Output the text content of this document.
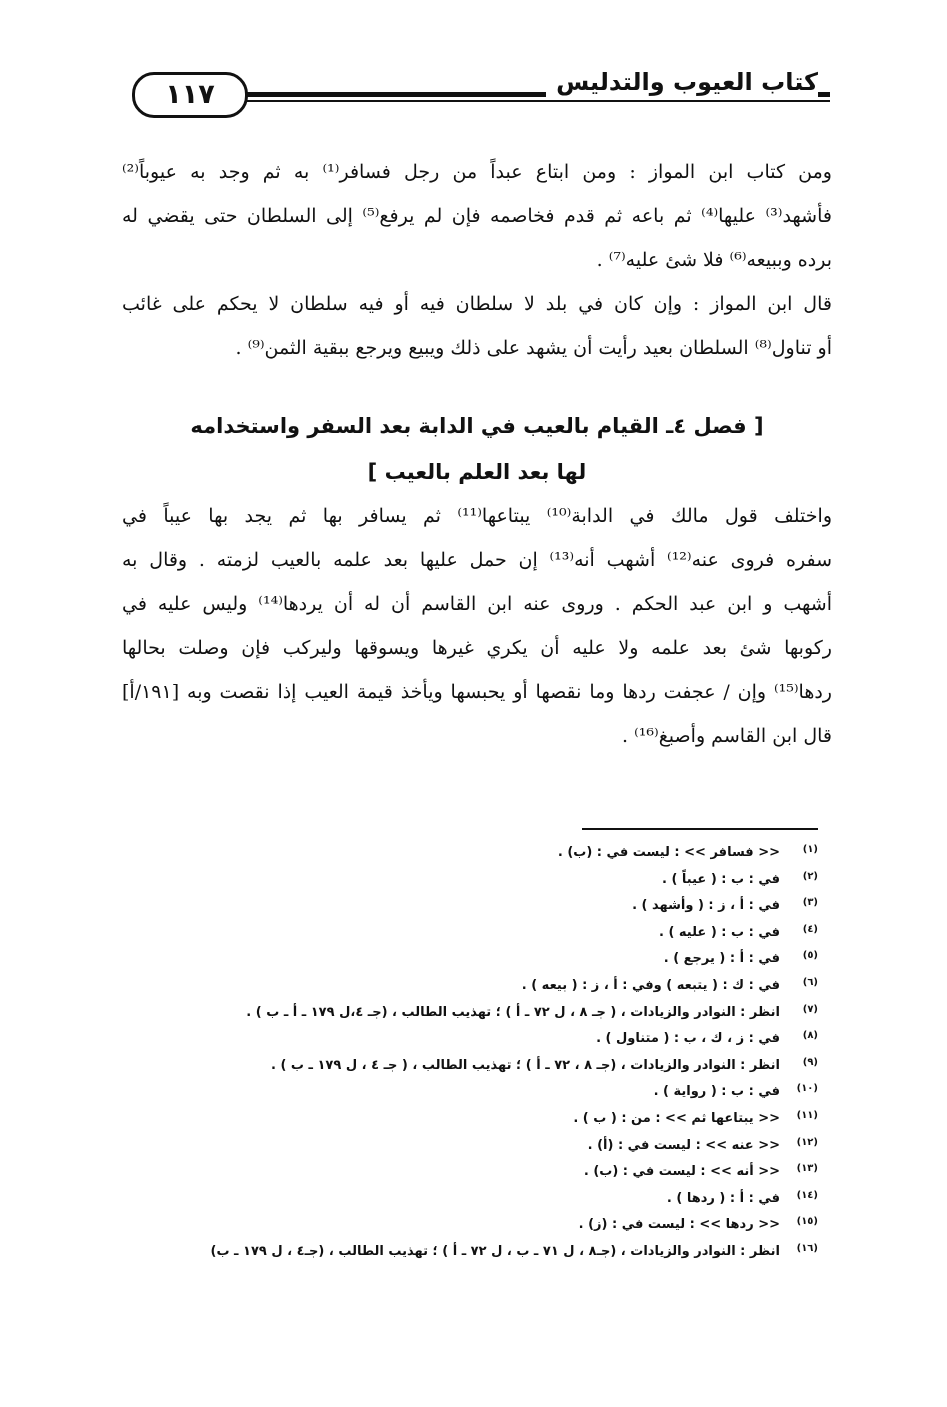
١١٧	كتاب العيوب والتدليس
ومن كتاب ابن المواز : ومن ابتاع عبداً من رجل فسافر⁽¹⁾ به ثم وجد به عيوباً⁽²⁾
فأشهد⁽³⁾ عليها⁽⁴⁾ ثم باعه ثم قدم فخاصمه فإن لم يرفع⁽⁵⁾ إلى السلطان حتى يقضي له
برده وببيعه⁽⁶⁾ فلا شئ عليه⁽⁷⁾ .
قال ابن المواز : وإن كان في بلد لا سلطان فيه أو فيه سلطان لا يحكم على غائب
أو تناول⁽⁸⁾ السلطان بعيد رأيت أن يشهد على ذلك ويبيع ويرجع ببقية الثمن⁽⁹⁾ .
[ فصل ٤ـ القيام بالعيب في الدابة بعد السفر واستخدامه
لها بعد العلم بالعيب ]
واختلف قول مالك في الدابة⁽¹⁰⁾ يبتاعها⁽¹¹⁾ ثم يسافر بها ثم يجد بها عيباً في
سفره فروى عنه⁽¹²⁾ أشهب أنه⁽¹³⁾ إن حمل عليها بعد علمه بالعيب لزمته . وقال به
أشهب و ابن عبد الحكم . وروى عنه ابن القاسم أن له أن يردها⁽¹⁴⁾ وليس عليه في
ركوبها شئ بعد علمه ولا عليه أن يكري غيرها ويسوقها وليركب فإن وصلت بحالها
ردها⁽¹⁵⁾ وإن / عجفت ردها وما نقصها أو يحبسها ويأخذ قيمة العيب إذا نقصت وبه [١٩١/أ]
قال ابن القاسم وأصبغ⁽¹⁶⁾ .
(١)<< فسافر >> : ليست في : (ب) .
(٢)في : ب : ( عيباً ) .
(٣)في : أ ، ز : ( وأشهد ) .
(٤)في : ب : ( عليه ) .
(٥)في : أ : ( يرجع ) .
(٦)في : ك : ( يتبعه ) وفي : أ ، ز : ( بيعه ) .
(٧)انظر : النوادر والزيادات ، ( جـ ٨ ، ل ٧٢ ـ أ ) ؛ تهذيب الطالب ، (جـ ٤،ل ١٧٩ ـ أ ـ ب ) .
(٨)في : ز ، ك ، ب : ( متناول ) .
(٩)انظر : النوادر والزيادات ، (جـ ٨ ، ٧٢ ـ أ ) ؛ تهذيب الطالب ، ( جـ ٤ ، ل ١٧٩ ـ ب ) .
(١٠)في : ب : ( رواية ) .
(١١)<< يبتاعها ثم >> : من : ( ب ) .
(١٢)<< عنه >> : ليست في : (أ) .
(١٣)<< أنه >> : ليست في : (ب) .
(١٤)في : أ : ( ردها ) .
(١٥)<< ردها >> : ليست في : (ز) .
(١٦)انظر : النوادر والزيادات ، (جـ٨ ، ل ٧١ ـ ب ، ل ٧٢ ـ أ ) ؛ تهذيب الطالب ، (جـ٤ ، ل ١٧٩ ـ ب)
